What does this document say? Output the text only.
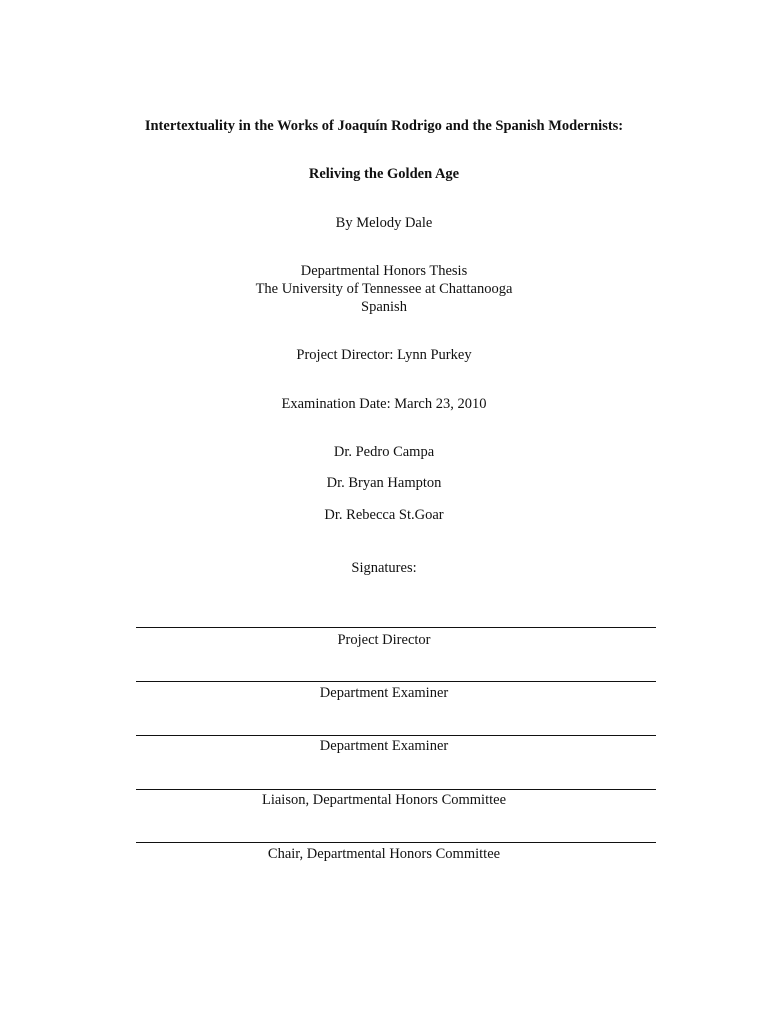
Intertextuality in the Works of Joaquín Rodrigo and the Spanish Modernists:
Reliving the Golden Age
By Melody Dale
Departmental Honors Thesis
The University of Tennessee at Chattanooga
Spanish
Project Director: Lynn Purkey
Examination Date: March 23, 2010
Dr. Pedro Campa
Dr. Bryan Hampton
Dr. Rebecca St.Goar
Signatures:
Project Director
Department Examiner
Department Examiner
Liaison, Departmental Honors Committee
Chair, Departmental Honors Committee
